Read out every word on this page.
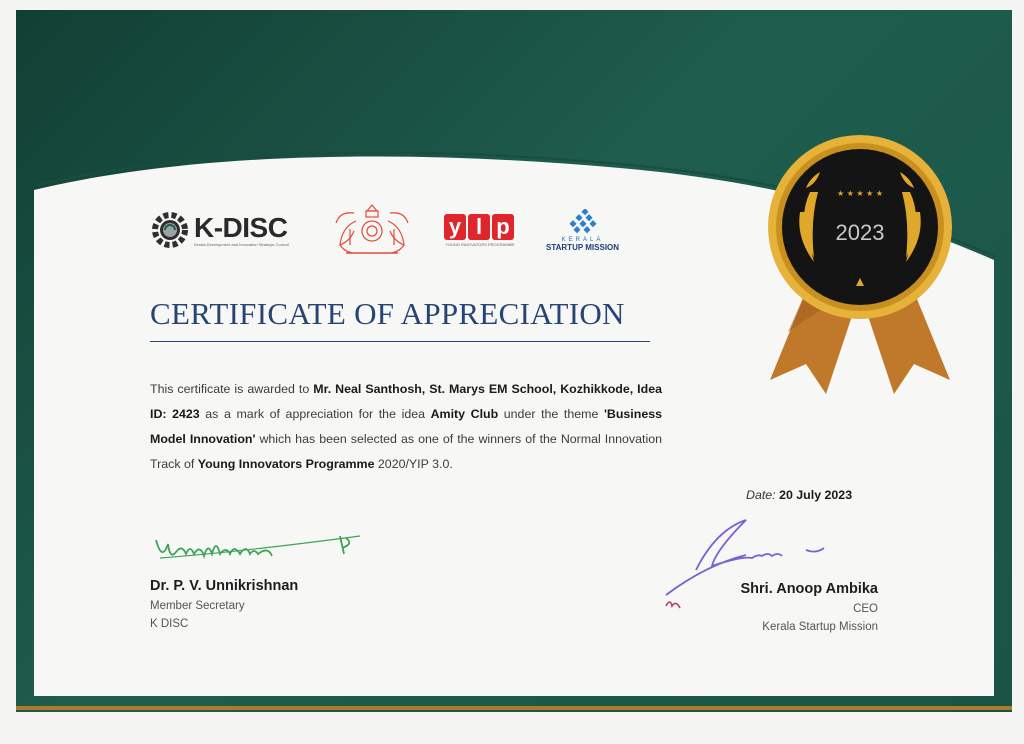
K-DISC
Kerala Development and Innovation Strategic Council
y l p
YOUNG INNOVATORS PROGRAMME
KERALA
STARTUP MISSION
CERTIFICATE OF APPRECIATION
This certificate is awarded to Mr. Neal Santhosh, St. Marys EM School, Kozhikkode, Idea ID: 2423 as a mark of appreciation for the idea Amity Club under the theme 'Business Model Innovation' which has been selected as one of the winners of the Normal Innovation Track of Young Innovators Programme 2020/YIP 3.0.
Date: 20 July 2023
Dr. P. V. Unnikrishnan
Member Secretary
K DISC
Shri. Anoop Ambika
CEO
Kerala Startup Mission
★ ★ ★ ★ ★
2023
